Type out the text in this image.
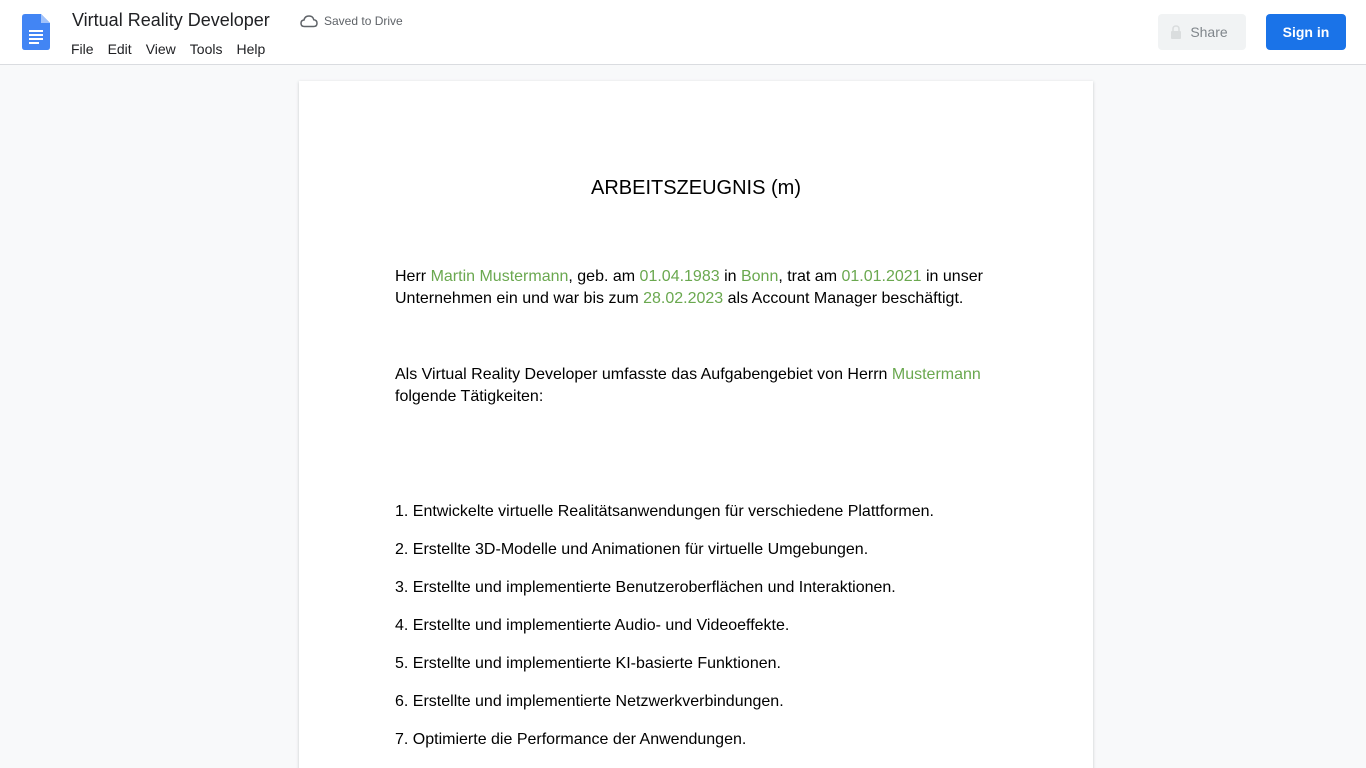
Virtual Reality Developer	Saved to Drive
File	Edit	View	Tools	Help
Share	Sign in
ARBEITSZEUGNIS (m)
Herr Martin Mustermann, geb. am 01.04.1983 in Bonn, trat am 01.01.2021 in unser
Unternehmen ein und war bis zum 28.02.2023 als Account Manager beschäftigt.
Als Virtual Reality Developer umfasste das Aufgabengebiet von Herrn Mustermann
folgende Tätigkeiten:
1. Entwickelte virtuelle Realitätsanwendungen für verschiedene Plattformen.
2. Erstellte 3D-Modelle und Animationen für virtuelle Umgebungen.
3. Erstellte und implementierte Benutzeroberflächen und Interaktionen.
4. Erstellte und implementierte Audio- und Videoeffekte.
5. Erstellte und implementierte KI-basierte Funktionen.
6. Erstellte und implementierte Netzwerkverbindungen.
7. Optimierte die Performance der Anwendungen.
